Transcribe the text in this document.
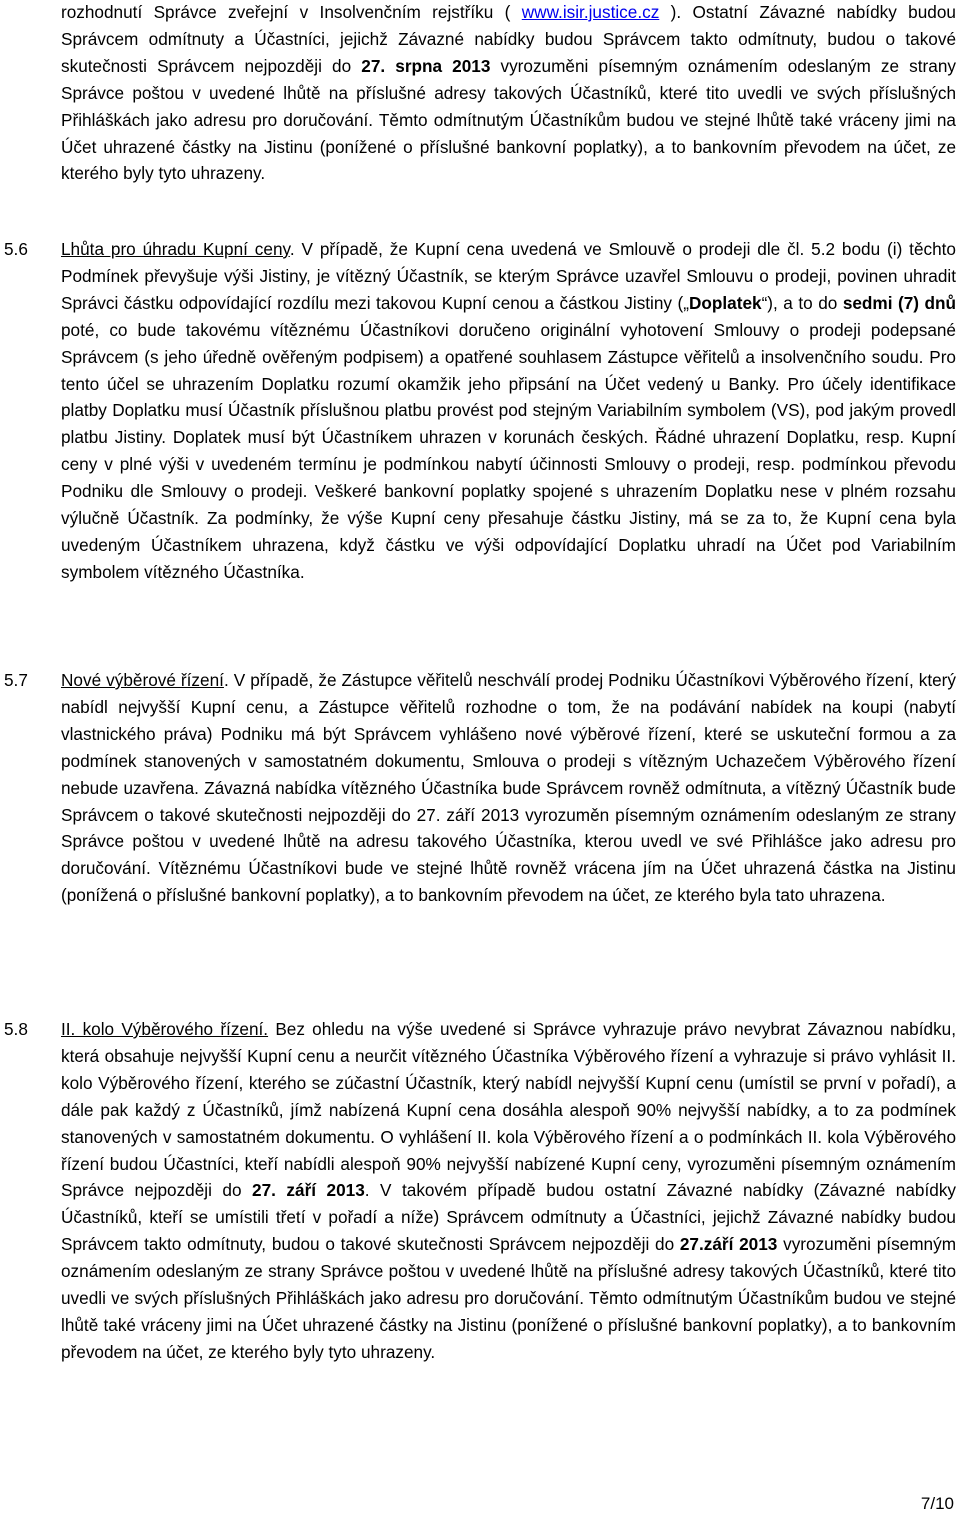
rozhodnutí Správce zveřejní v Insolvenčním rejstříku ( www.isir.justice.cz ). Ostatní Závazné nabídky budou Správcem odmítnuty a Účastníci, jejichž Závazné nabídky budou Správcem takto odmítnuty, budou o takové skutečnosti Správcem nejpozději do 27. srpna 2013 vyrozuměni písemným oznámením odeslaným ze strany Správce poštou v uvedené lhůtě na příslušné adresy takových Účastníků, které tito uvedli ve svých příslušných Přihláškách jako adresu pro doručování. Těmto odmítnutým Účastníkům budou ve stejné lhůtě také vráceny jimi na Účet uhrazené částky na Jistinu (ponížené o příslušné bankovní poplatky), a to bankovním převodem na účet, ze kterého byly tyto uhrazeny.

5.6 Lhůta pro úhradu Kupní ceny. V případě, že Kupní cena uvedená ve Smlouvě o prodeji dle čl. 5.2 bodu (i) těchto Podmínek převyšuje výši Jistiny, je vítězný Účastník, se kterým Správce uzavřel Smlouvu o prodeji, povinen uhradit Správci částku odpovídající rozdílu mezi takovou Kupní cenou a částkou Jistiny („Doplatek“), a to do sedmi (7) dnů poté, co bude takovému vítěznému Účastníkovi doručeno originální vyhotovení Smlouvy o prodeji podepsané Správcem (s jeho úředně ověřeným podpisem) a opatřené souhlasem Zástupce věřitelů a insolvenčního soudu. Pro tento účel se uhrazením Doplatku rozumí okamžik jeho připsání na Účet vedený u Banky. Pro účely identifikace platby Doplatku musí Účastník příslušnou platbu provést pod stejným Variabilním symbolem (VS), pod jakým provedl platbu Jistiny. Doplatek musí být Účastníkem uhrazen v korunách českých. Řádné uhrazení Doplatku, resp. Kupní ceny v plné výši v uvedeném termínu je podmínkou nabytí účinnosti Smlouvy o prodeji, resp. podmínkou převodu Podniku dle Smlouvy o prodeji. Veškeré bankovní poplatky spojené s uhrazením Doplatku nese v plném rozsahu výlučně Účastník. Za podmínky, že výše Kupní ceny přesahuje částku Jistiny, má se za to, že Kupní cena byla uvedeným Účastníkem uhrazena, když částku ve výši odpovídající Doplatku uhradí na Účet pod Variabilním symbolem vítězného Účastníka.

5.7 Nové výběrové řízení. V případě, že Zástupce věřitelů neschválí prodej Podniku Účastníkovi Výběrového řízení, který nabídl nejvyšší Kupní cenu, a Zástupce věřitelů rozhodne o tom, že na podávání nabídek na koupi (nabytí vlastnického práva) Podniku má být Správcem vyhlášeno nové výběrové řízení, které se uskuteční formou a za podmínek stanovených v samostatném dokumentu, Smlouva o prodeji s vítězným Uchazečem Výběrového řízení nebude uzavřena. Závazná nabídka vítězného Účastníka bude Správcem rovněž odmítnuta, a vítězný Účastník bude Správcem o takové skutečnosti nejpozději do 27. září 2013 vyrozuměn písemným oznámením odeslaným ze strany Správce poštou v uvedené lhůtě na adresu takového Účastníka, kterou uvedl ve své Přihlášce jako adresu pro doručování. Vítěznému Účastníkovi bude ve stejné lhůtě rovněž vrácena jím na Účet uhrazená částka na Jistinu (ponížená o příslušné bankovní poplatky), a to bankovním převodem na účet, ze kterého byla tato uhrazena.

5.8 II. kolo Výběrového řízení. Bez ohledu na výše uvedené si Správce vyhrazuje právo nevybrat Závaznou nabídku, která obsahuje nejvyšší Kupní cenu a neurčit vítězného Účastníka Výběrového řízení a vyhrazuje si právo vyhlásit II. kolo Výběrového řízení, kterého se zúčastní Účastník, který nabídl nejvyšší Kupní cenu (umístil se první v pořadí), a dále pak každý z Účastníků, jímž nabízená Kupní cena dosáhla alespoň 90% nejvyšší nabídky, a to za podmínek stanovených v samostatném dokumentu. O vyhlášení II. kola Výběrového řízení a o podmínkách II. kola Výběrového řízení budou Účastníci, kteří nabídli alespoň 90% nejvyšší nabízené Kupní ceny, vyrozuměni písemným oznámením Správce nejpozději do 27. září 2013. V takovém případě budou ostatní Závazné nabídky (Závazné nabídky Účastníků, kteří se umístili třetí v pořadí a níže) Správcem odmítnuty a Účastníci, jejichž Závazné nabídky budou Správcem takto odmítnuty, budou o takové skutečnosti Správcem nejpozději do 27.září 2013 vyrozuměni písemným oznámením odeslaným ze strany Správce poštou v uvedené lhůtě na příslušné adresy takových Účastníků, které tito uvedli ve svých příslušných Přihláškách jako adresu pro doručování. Těmto odmítnutým Účastníkům budou ve stejné lhůtě také vráceny jimi na Účet uhrazené částky na Jistinu (ponížené o příslušné bankovní poplatky), a to bankovním převodem na účet, ze kterého byly tyto uhrazeny.

7/10
